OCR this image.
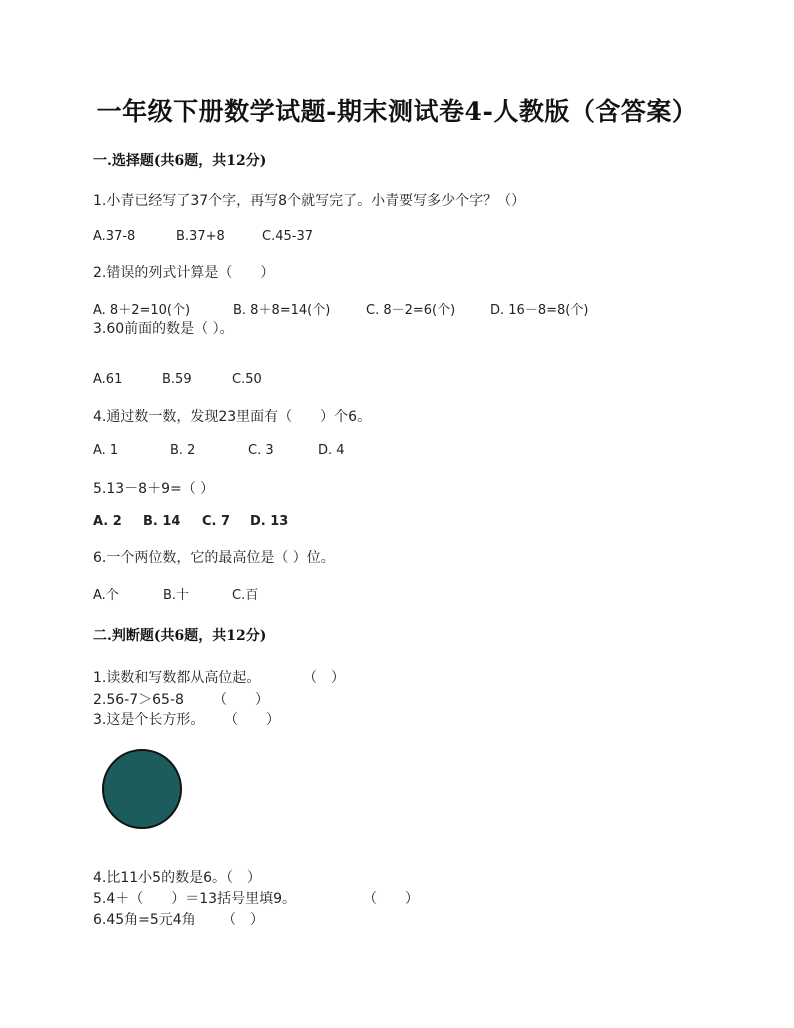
一年级下册数学试题-期末测试卷4-人教版（含答案）
一.选择题(共6题，共12分)
1.小青已经写了37个字，再写8个就写完了。小青要写多少个字？（）
A.37-8	B.37+8	C.45-37
2.错误的列式计算是（　　）
A. 8＋2=10(个)	B. 8＋8=14(个)	C. 8－2=6(个)	D. 16－8=8(个)
3.60前面的数是（ ）。
A.61	B.59	C.50
4.通过数一数，发现23里面有（　　）个6。
A. 1	B. 2	C. 3	D. 4
5.13－8＋9=（ ）
A. 2 B. 14 C. 7 D. 13
6.一个两位数，它的最高位是（ ）位。
A.个	B.十	C.百
二.判断题(共6题，共12分)
1.读数和写数都从高位起。	（　）
2.56-7＞65-8 （　　）
3.这是个长方形。 （　　）
4.比11小5的数是6。（　）
5.4＋（　　）＝13括号里填9。	（　　）
6.45角=5元4角 （　）
